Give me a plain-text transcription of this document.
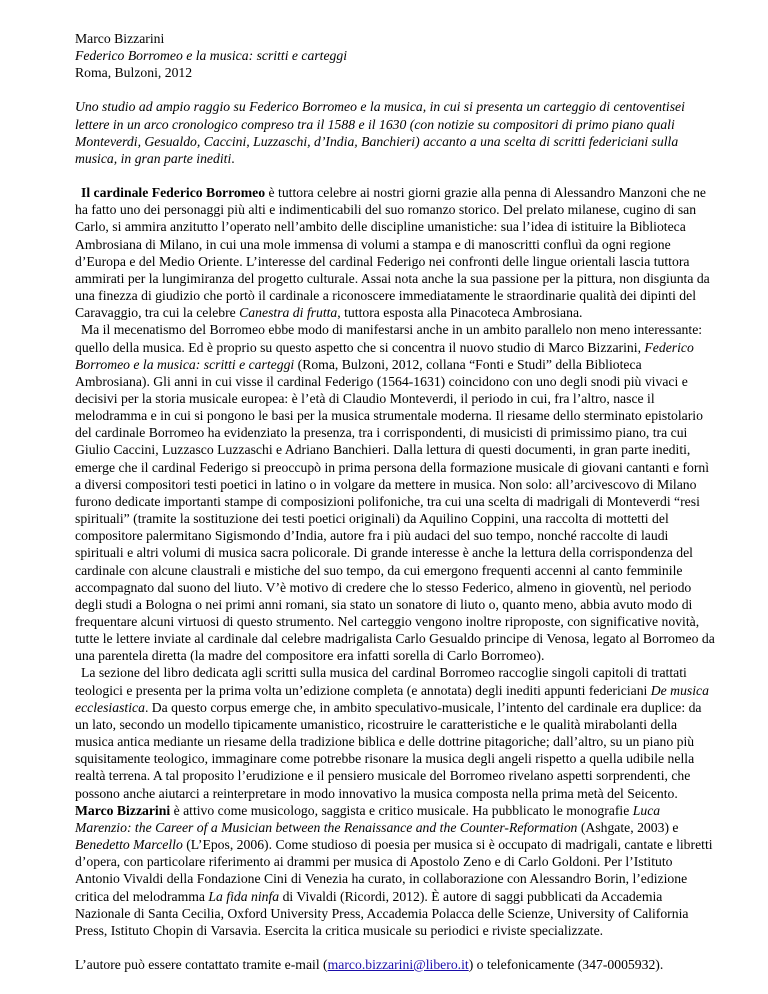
Marco Bizzarini

Federico Borromeo e la musica: scritti e carteggi

Roma, Bulzoni, 2012

Uno studio ad ampio raggio su Federico Borromeo e la musica, in cui si presenta un carteggio di centoventisei lettere in un arco cronologico compreso tra il 1588 e il 1630 (con notizie su compositori di primo piano quali Monteverdi, Gesualdo, Caccini, Luzzaschi, d’India, Banchieri) accanto a una scelta di scritti federiciani sulla musica, in gran parte inediti.

Il cardinale Federico Borromeo è tuttora celebre ai nostri giorni grazie alla penna di Alessandro Manzoni che ne ha fatto uno dei personaggi più alti e indimenticabili del suo romanzo storico. Del prelato milanese, cugino di san Carlo, si ammira anzitutto l’operato nell’ambito delle discipline umanistiche: sua l’idea di istituire la Biblioteca Ambrosiana di Milano, in cui una mole immensa di volumi a stampa e di manoscritti confluì da ogni regione d’Europa e del Medio Oriente. L’interesse del cardinal Federigo nei confronti delle lingue orientali lascia tuttora ammirati per la lungimiranza del progetto culturale. Assai nota anche la sua passione per la pittura, non disgiunta da una finezza di giudizio che portò il cardinale a riconoscere immediatamente le straordinarie qualità dei dipinti del Caravaggio, tra cui la celebre Canestra di frutta, tuttora esposta alla Pinacoteca Ambrosiana.

Ma il mecenatismo del Borromeo ebbe modo di manifestarsi anche in un ambito parallelo non meno interessante: quello della musica. Ed è proprio su questo aspetto che si concentra il nuovo studio di Marco Bizzarini, Federico Borromeo e la musica: scritti e carteggi (Roma, Bulzoni, 2012, collana “Fonti e Studi” della Biblioteca Ambrosiana). Gli anni in cui visse il cardinal Federigo (1564-1631) coincidono con uno degli snodi più vivaci e decisivi per la storia musicale europea: è l’età di Claudio Monteverdi, il periodo in cui, fra l’altro, nasce il melodramma e in cui si pongono le basi per la musica strumentale moderna. Il riesame dello sterminato epistolario del cardinale Borromeo ha evidenziato la presenza, tra i corrispondenti, di musicisti di primissimo piano, tra cui Giulio Caccini, Luzzasco Luzzaschi e Adriano Banchieri. Dalla lettura di questi documenti, in gran parte inediti, emerge che il cardinal Federigo si preoccupò in prima persona della formazione musicale di giovani cantanti e fornì a diversi compositori testi poetici in latino o in volgare da mettere in musica. Non solo: all’arcivescovo di Milano furono dedicate importanti stampe di composizioni polifoniche, tra cui una scelta di madrigali di Monteverdi “resi spirituali” (tramite la sostituzione dei testi poetici originali) da Aquilino Coppini, una raccolta di mottetti del compositore palermitano Sigismondo d’India, autore fra i più audaci del suo tempo, nonché raccolte di laudi spirituali e altri volumi di musica sacra policorale. Di grande interesse è anche la lettura della corrispondenza del cardinale con alcune claustrali e mistiche del suo tempo, da cui emergono frequenti accenni al canto femminile accompagnato dal suono del liuto. V’è motivo di credere che lo stesso Federico, almeno in gioventù, nel periodo degli studi a Bologna o nei primi anni romani, sia stato un sonatore di liuto o, quanto meno, abbia avuto modo di frequentare alcuni virtuosi di questo strumento. Nel carteggio vengono inoltre riproposte, con significative novità, tutte le lettere inviate al cardinale dal celebre madrigalista Carlo Gesualdo principe di Venosa, legato al Borromeo da una parentela diretta (la madre del compositore era infatti sorella di Carlo Borromeo).

La sezione del libro dedicata agli scritti sulla musica del cardinal Borromeo raccoglie singoli capitoli di trattati teologici e presenta per la prima volta un’edizione completa (e annotata) degli inediti appunti federiciani De musica ecclesiastica. Da questo corpus emerge che, in ambito speculativo-musicale, l’intento del cardinale era duplice: da un lato, secondo un modello tipicamente umanistico, ricostruire le caratteristiche e le qualità mirabolanti della musica antica mediante un riesame della tradizione biblica e delle dottrine pitagoriche; dall’altro, su un piano più squisitamente teologico, immaginare come potrebbe risonare la musica degli angeli rispetto a quella udibile nella realtà terrena. A tal proposito l’erudizione e il pensiero musicale del Borromeo rivelano aspetti sorprendenti, che possono anche aiutarci a reinterpretare in modo innovativo la musica composta nella prima metà del Seicento.

Marco Bizzarini è attivo come musicologo, saggista e critico musicale. Ha pubblicato le monografie Luca Marenzio: the Career of a Musician between the Renaissance and the Counter-Reformation (Ashgate, 2003) e Benedetto Marcello (L’Epos, 2006). Come studioso di poesia per musica si è occupato di madrigali, cantate e libretti d’opera, con particolare riferimento ai drammi per musica di Apostolo Zeno e di Carlo Goldoni. Per l’Istituto Antonio Vivaldi della Fondazione Cini di Venezia ha curato, in collaborazione con Alessandro Borin, l’edizione critica del melodramma La fida ninfa di Vivaldi (Ricordi, 2012). È autore di saggi pubblicati da Accademia Nazionale di Santa Cecilia, Oxford University Press, Accademia Polacca delle Scienze, University of California Press, Istituto Chopin di Varsavia. Esercita la critica musicale su periodici e riviste specializzate.

L’autore può essere contattato tramite e-mail (marco.bizzarini@libero.it) o telefonicamente (347-0005932).
